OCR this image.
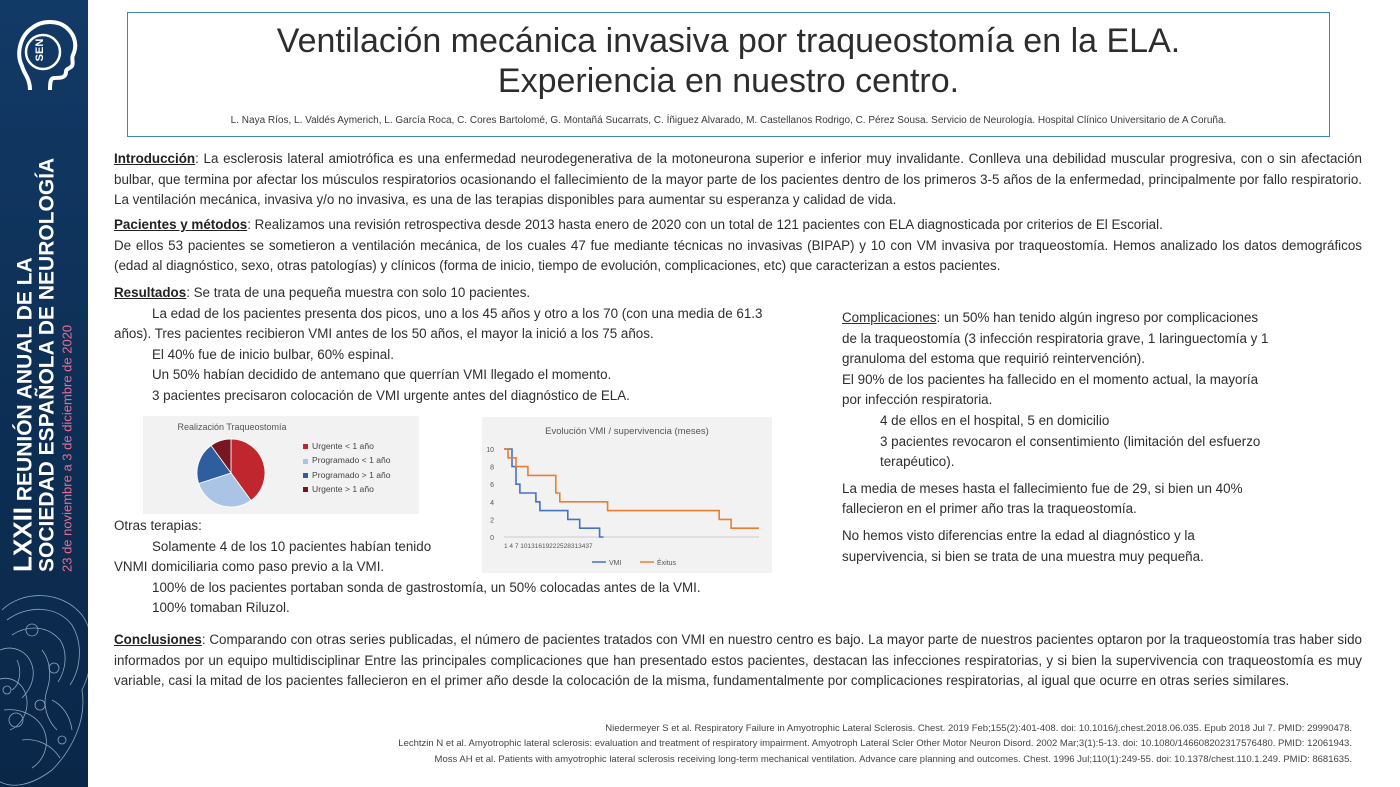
SEN
LXXII REUNIÓN ANUAL DE LA SOCIEDAD ESPAÑOLA DE NEUROLOGÍA 23 de noviembre a 3 de diciembre de 2020
Ventilación mecánica invasiva por traqueostomía en la ELA.
Experiencia en nuestro centro.
L. Naya Ríos, L. Valdés Aymerich, L. García Roca, C. Cores Bartolomé, G. Montañá Sucarrats, C. Íñiguez Alvarado, M. Castellanos Rodrigo, C. Pérez Sousa. Servicio de Neurología. Hospital Clínico Universitario de A Coruña.
Introducción: La esclerosis lateral amiotrófica es una enfermedad neurodegenerativa de la motoneurona superior e inferior muy invalidante. Conlleva una debilidad muscular progresiva, con o sin afectación bulbar, que termina por afectar los músculos respiratorios ocasionando el fallecimiento de la mayor parte de los pacientes dentro de los primeros 3-5 años de la enfermedad, principalmente por fallo respiratorio. La ventilación mecánica, invasiva y/o no invasiva, es una de las terapias disponibles para aumentar su esperanza y calidad de vida.
Pacientes y métodos: Realizamos una revisión retrospectiva desde 2013 hasta enero de 2020 con un total de 121 pacientes con ELA diagnosticada por criterios de El Escorial.
De ellos 53 pacientes se sometieron a ventilación mecánica, de los cuales 47 fue mediante técnicas no invasivas (BIPAP) y 10 con VM invasiva por traqueostomía. Hemos analizado los datos demográficos (edad al diagnóstico, sexo, otras patologías) y clínicos (forma de inicio, tiempo de evolución, complicaciones, etc) que caracterizan a estos pacientes.
Resultados: Se trata de una pequeña muestra con solo 10 pacientes.
La edad de los pacientes presenta dos picos, uno a los 45 años y otro a los 70 (con una media de 61.3 años). Tres pacientes recibieron VMI antes de los 50 años, el mayor la inició a los 75 años.
El 40% fue de inicio bulbar, 60% espinal.
Un 50% habían decidido de antemano que querrían VMI llegado el momento.
3 pacientes precisaron colocación de VMI urgente antes del diagnóstico de ELA.
Realización Traqueostomía
Urgente < 1 año
Programado < 1 año
Programado > 1 año
Urgente > 1 año
Evolución VMI / supervivencia (meses)
0
2
4
6
8
10
1 4 7 10131619222528313437
VMI	Éxitus
Otras terapias:
Solamente 4 de los 10 pacientes habían tenido
VNMI domiciliaria como paso previo a la VMI.
100% de los pacientes portaban sonda de gastrostomía, un 50% colocadas antes de la VMI.
100% tomaban Riluzol.
Complicaciones: un 50% han tenido algún ingreso por complicaciones
de la traqueostomía (3 infección respiratoria grave, 1 laringuectomía y 1
granuloma del estoma que requirió reintervención).
El 90% de los pacientes ha fallecido en el momento actual, la mayoría
por infección respiratoria.
4 de ellos en el hospital, 5 en domicilio
3 pacientes revocaron el consentimiento (limitación del esfuerzo
terapéutico).
La media de meses hasta el fallecimiento fue de 29, si bien un 40%
fallecieron en el primer año tras la traqueostomía.
No hemos visto diferencias entre la edad al diagnóstico y la
supervivencia, si bien se trata de una muestra muy pequeña.
Conclusiones: Comparando con otras series publicadas, el número de pacientes tratados con VMI en nuestro centro es bajo. La mayor parte de nuestros pacientes optaron por la traqueostomía tras haber sido informados por un equipo multidisciplinar Entre las principales complicaciones que han presentado estos pacientes, destacan las infecciones respiratorias, y si bien la supervivencia con traqueostomía es muy variable, casi la mitad de los pacientes fallecieron en el primer año desde la colocación de la misma, fundamentalmente por complicaciones respiratorias, al igual que ocurre en otras series similares.
Niedermeyer S et al. Respiratory Failure in Amyotrophic Lateral Sclerosis. Chest. 2019 Feb;155(2):401-408. doi: 10.1016/j.chest.2018.06.035. Epub 2018 Jul 7. PMID: 29990478.
Lechtzin N et al. Amyotrophic lateral sclerosis: evaluation and treatment of respiratory impairment. Amyotroph Lateral Scler Other Motor Neuron Disord. 2002 Mar;3(1):5-13. doi: 10.1080/146608202317576480. PMID: 12061943.
Moss AH et al. Patients with amyotrophic lateral sclerosis receiving long-term mechanical ventilation. Advance care planning and outcomes. Chest. 1996 Jul;110(1):249-55. doi: 10.1378/chest.110.1.249. PMID: 8681635.
